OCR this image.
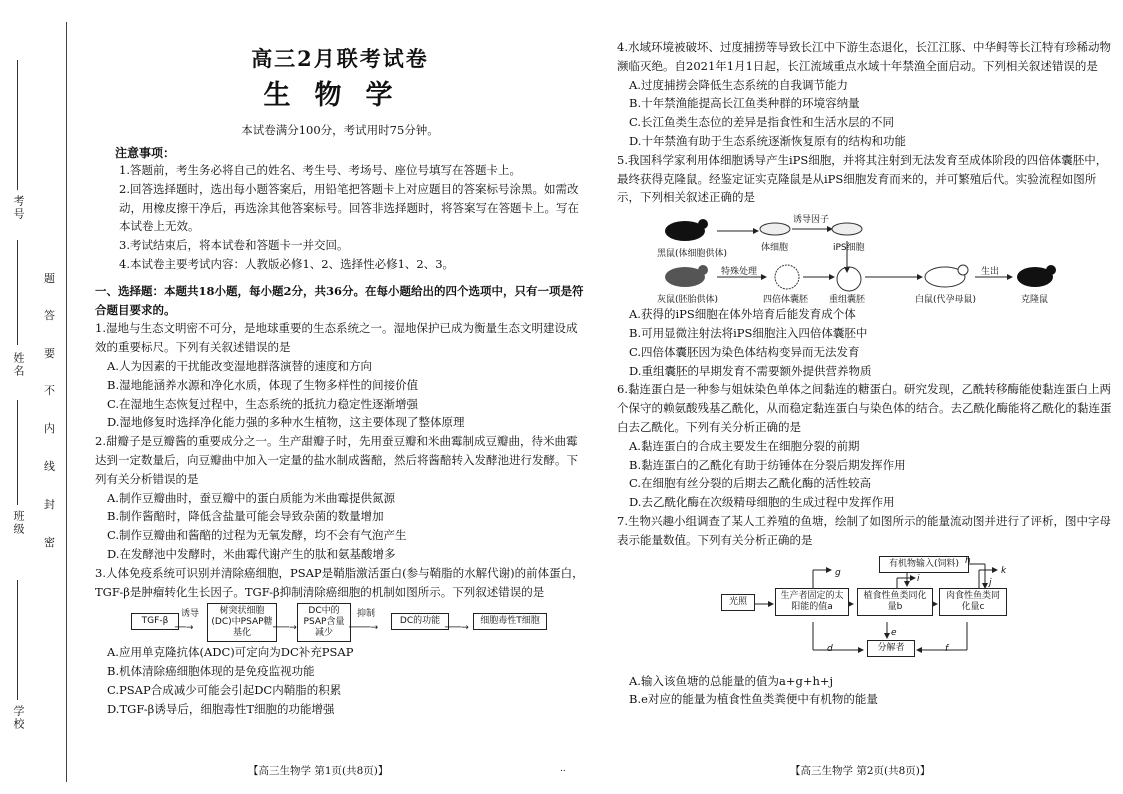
考号
姓名
班级
学校
题
答
要
不
内
线
封
密
高三2月联考试卷
生物学
本试卷满分100分，考试用时75分钟。
注意事项：
1.答题前，考生务必将自己的姓名、考生号、考场号、座位号填写在答题卡上。
2.回答选择题时，选出每小题答案后，用铅笔把答题卡上对应题目的答案标号涂黑。如需改动，用橡皮擦干净后，再选涂其他答案标号。回答非选择题时，将答案写在答题卡上。写在本试卷上无效。
3.考试结束后，将本试卷和答题卡一并交回。
4.本试卷主要考试内容：人教版必修1、2、选择性必修1、2、3。
一、选择题：本题共18小题，每小题2分，共36分。在每小题给出的四个选项中，只有一项是符合题目要求的。
1.湿地与生态文明密不可分，是地球重要的生态系统之一。湿地保护已成为衡量生态文明建设成效的重要标尺。下列有关叙述错误的是
A.人为因素的干扰能改变湿地群落演替的速度和方向
B.湿地能涵养水源和净化水质，体现了生物多样性的间接价值
C.在湿地生态恢复过程中，生态系统的抵抗力稳定性逐渐增强
D.湿地修复时选择净化能力强的多种水生植物，这主要体现了整体原理
2.甜瓣子是豆瓣酱的重要成分之一。生产甜瓣子时，先用蚕豆瓣和米曲霉制成豆瓣曲，待米曲霉达到一定数量后，向豆瓣曲中加入一定量的盐水制成酱醅，然后将酱醅转入发酵池进行发酵。下列有关分析错误的是
A.制作豆瓣曲时，蚕豆瓣中的蛋白质能为米曲霉提供氮源
B.制作酱醅时，降低含盐量可能会导致杂菌的数量增加
C.制作豆瓣曲和酱醅的过程为无氧发酵，均不会有气泡产生
D.在发酵池中发酵时，米曲霉代谢产生的肽和氨基酸增多
3.人体免疫系统可识别并清除癌细胞，PSAP是鞘脂激活蛋白(参与鞘脂的水解代谢)的前体蛋白，TGF-β是肿瘤转化生长因子。TGF-β抑制清除癌细胞的机制如图所示。下列叙述错误的是
TGF-β
诱导
──→
树突状细胞(DC)中PSAP糖基化	───→
DC中的PSAP含量减少
抑制
────→
DC的功能
───→
细胞毒性T细胞
A.应用单克隆抗体(ADC)可定向为DC补充PSAP
B.机体清除癌细胞体现的是免疫监视功能
C.PSAP合成减少可能会引起DC内鞘脂的积累
D.TGF-β诱导后，细胞毒性T细胞的功能增强
4.水域环境被破坏、过度捕捞等导致长江中下游生态退化，长江江豚、中华鲟等长江特有珍稀动物濒临灭绝。自2021年1月1日起，长江流域重点水域十年禁渔全面启动。下列相关叙述错误的是
A.过度捕捞会降低生态系统的自我调节能力
B.十年禁渔能提高长江鱼类种群的环境容纳量
C.长江鱼类生态位的差异是指食性和生活水层的不同
D.十年禁渔有助于生态系统逐渐恢复原有的结构和功能
5.我国科学家利用体细胞诱导产生iPS细胞，并将其注射到无法发育至成体阶段的四倍体囊胚中，最终获得克隆鼠。经鉴定证实克隆鼠是从iPS细胞发育而来的，并可繁殖后代。实验流程如图所示，下列相关叙述正确的是
黑鼠(体细胞供体)
诱导因子
体细胞	iPS细胞
灰鼠(胚胎供体)
特殊处理
四倍体囊胚 重组囊胚	白鼠(代孕母鼠)
生出
克隆鼠
A.获得的iPS细胞在体外培育后能发育成个体
B.可用显微注射法将iPS细胞注入四倍体囊胚中
C.四倍体囊胚因为染色体结构变异而无法发育
D.重组囊胚的早期发育不需要额外提供营养物质
6.黏连蛋白是一种参与姐妹染色单体之间黏连的糖蛋白。研究发现，乙酰转移酶能使黏连蛋白上两个保守的赖氨酸残基乙酰化，从而稳定黏连蛋白与染色体的结合。去乙酰化酶能将乙酰化的黏连蛋白去乙酰化。下列有关分析正确的是
A.黏连蛋白的合成主要发生在细胞分裂的前期
B.黏连蛋白的乙酰化有助于纺锤体在分裂后期发挥作用
C.在细胞有丝分裂的后期去乙酰化酶的活性较高
D.去乙酰化酶在次级精母细胞的生成过程中发挥作用
7.生物兴趣小组调查了某人工养殖的鱼塘，绘制了如图所示的能量流动图并进行了评析，图中字母表示能量数值。下列有关分析正确的是
光照
生产者固定的太阳能的值a
植食性鱼类同化量b
肉食性鱼类同化量c
有机物输入(饲料)
分解者
g
i
h
j
k
d
e
f
A.输入该鱼塘的总能量的值为a+g+h+j
B.e对应的能量为植食性鱼类粪便中有机物的能量
【高三生物学 第1页(共8页)】	..	【高三生物学 第2页(共8页)】
